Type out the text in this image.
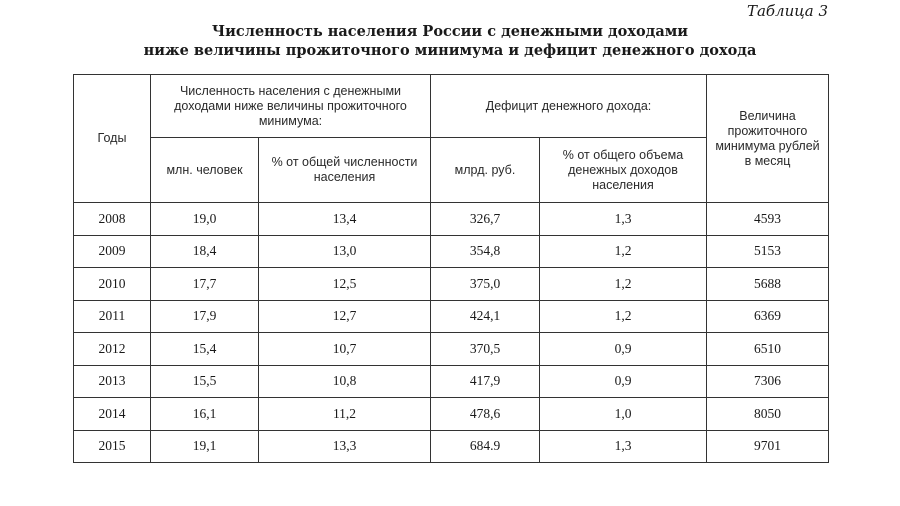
Таблица 3
Численность населения России с денежными доходами
ниже величины прожиточного минимума и дефицит денежного дохода
Годы	Численность населения с денежными доходами ниже величины прожиточного минимума:		Дефицит денежного дохода:		Величина прожиточного минимума рублей в месяц
	млн. человек	% от общей численности населения	млрд. руб.	% от общего объема денежных доходов населения	
2008	19,0	13,4	326,7	1,3	4593
2009	18,4	13,0	354,8	1,2	5153
2010	17,7	12,5	375,0	1,2	5688
2011	17,9	12,7	424,1	1,2	6369
2012	15,4	10,7	370,5	0,9	6510
2013	15,5	10,8	417,9	0,9	7306
2014	16,1	11,2	478,6	1,0	8050
2015	19,1	13,3	684.9	1,3	9701
